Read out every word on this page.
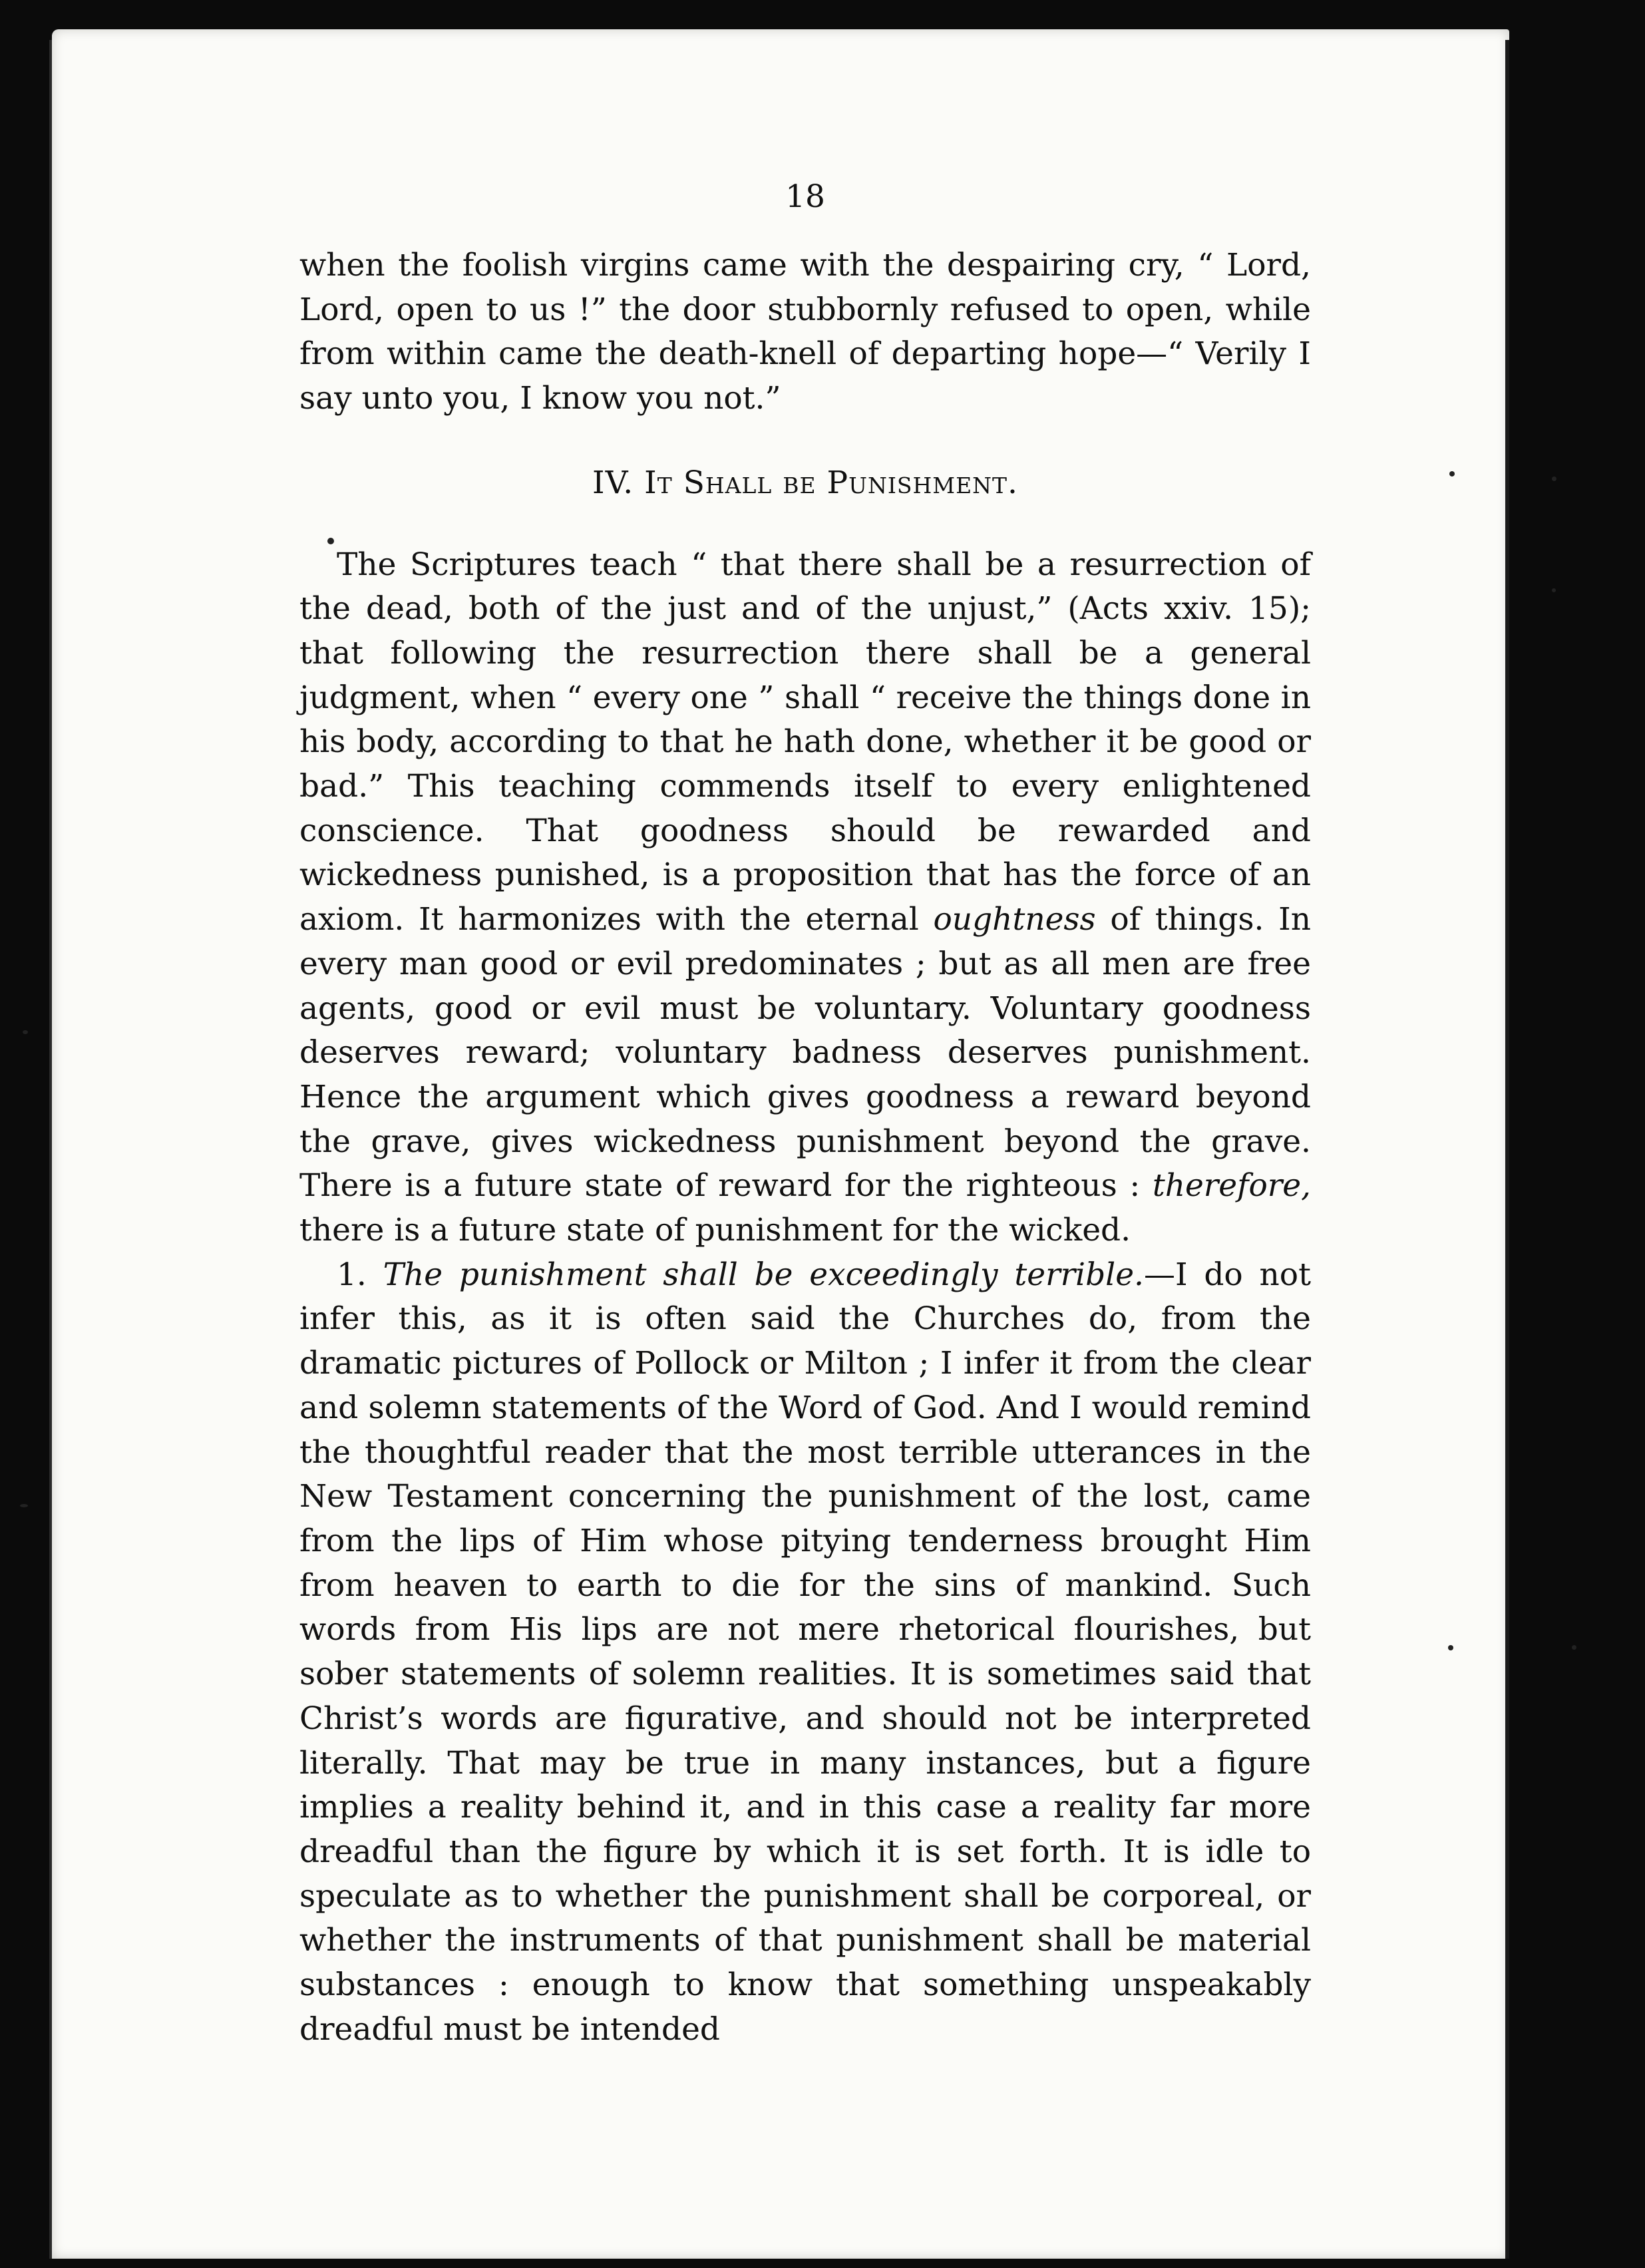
18

when the foolish virgins came with the despairing cry, “ Lord, Lord, open to us !” the door stubbornly refused to open, while from within came the death-knell of departing hope—“ Verily I say unto you, I know you not.”

IV. It Shall be Punishment.

The Scriptures teach “ that there shall be a resurrection of the dead, both of the just and of the unjust,” (Acts xxiv. 15); that following the resurrection there shall be a general judgment, when “ every one ” shall “ receive the things done in his body, according to that he hath done, whether it be good or bad.” This teaching commends itself to every enlightened conscience. That goodness should be rewarded and wickedness punished, is a proposition that has the force of an axiom. It harmonizes with the eternal oughtness of things. In every man good or evil predominates ; but as all men are free agents, good or evil must be voluntary. Voluntary goodness deserves reward; voluntary badness deserves punishment. Hence the argument which gives goodness a reward beyond the grave, gives wickedness punishment beyond the grave. There is a future state of reward for the righteous : therefore, there is a future state of punishment for the wicked.

1. The punishment shall be exceedingly terrible.—I do not infer this, as it is often said the Churches do, from the dramatic pictures of Pollock or Milton ; I infer it from the clear and solemn statements of the Word of God. And I would remind the thoughtful reader that the most terrible utterances in the New Testament concerning the punishment of the lost, came from the lips of Him whose pitying tenderness brought Him from heaven to earth to die for the sins of mankind. Such words from His lips are not mere rhetorical flourishes, but sober statements of solemn realities. It is sometimes said that Christ’s words are figurative, and should not be interpreted literally. That may be true in many instances, but a figure implies a reality behind it, and in this case a reality far more dreadful than the figure by which it is set forth. It is idle to speculate as to whether the punishment shall be corporeal, or whether the instruments of that punishment shall be material substances : enough to know that something unspeakably dreadful must be intended
